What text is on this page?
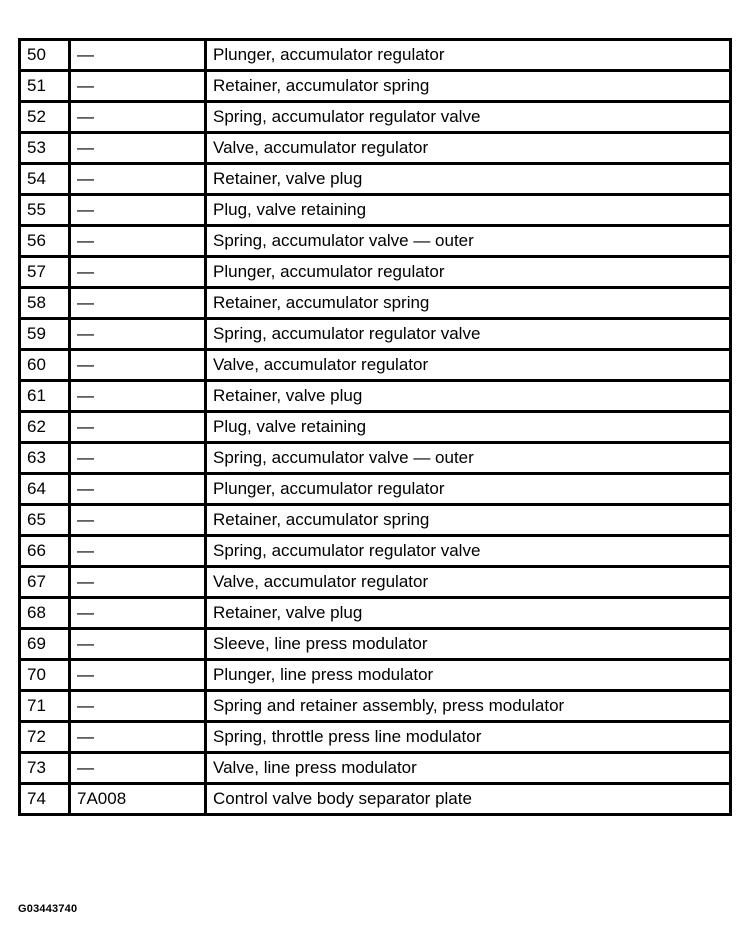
50	—	Plunger, accumulator regulator
51	—	Retainer, accumulator spring
52	—	Spring, accumulator regulator valve
53	—	Valve, accumulator regulator
54	—	Retainer, valve plug
55	—	Plug, valve retaining
56	—	Spring, accumulator valve — outer
57	—	Plunger, accumulator regulator
58	—	Retainer, accumulator spring
59	—	Spring, accumulator regulator valve
60	—	Valve, accumulator regulator
61	—	Retainer, valve plug
62	—	Plug, valve retaining
63	—	Spring, accumulator valve — outer
64	—	Plunger, accumulator regulator
65	—	Retainer, accumulator spring
66	—	Spring, accumulator regulator valve
67	—	Valve, accumulator regulator
68	—	Retainer, valve plug
69	—	Sleeve, line press modulator
70	—	Plunger, line press modulator
71	—	Spring and retainer assembly, press modulator
72	—	Spring, throttle press line modulator
73	—	Valve, line press modulator
74	7A008	Control valve body separator plate
G03443740
